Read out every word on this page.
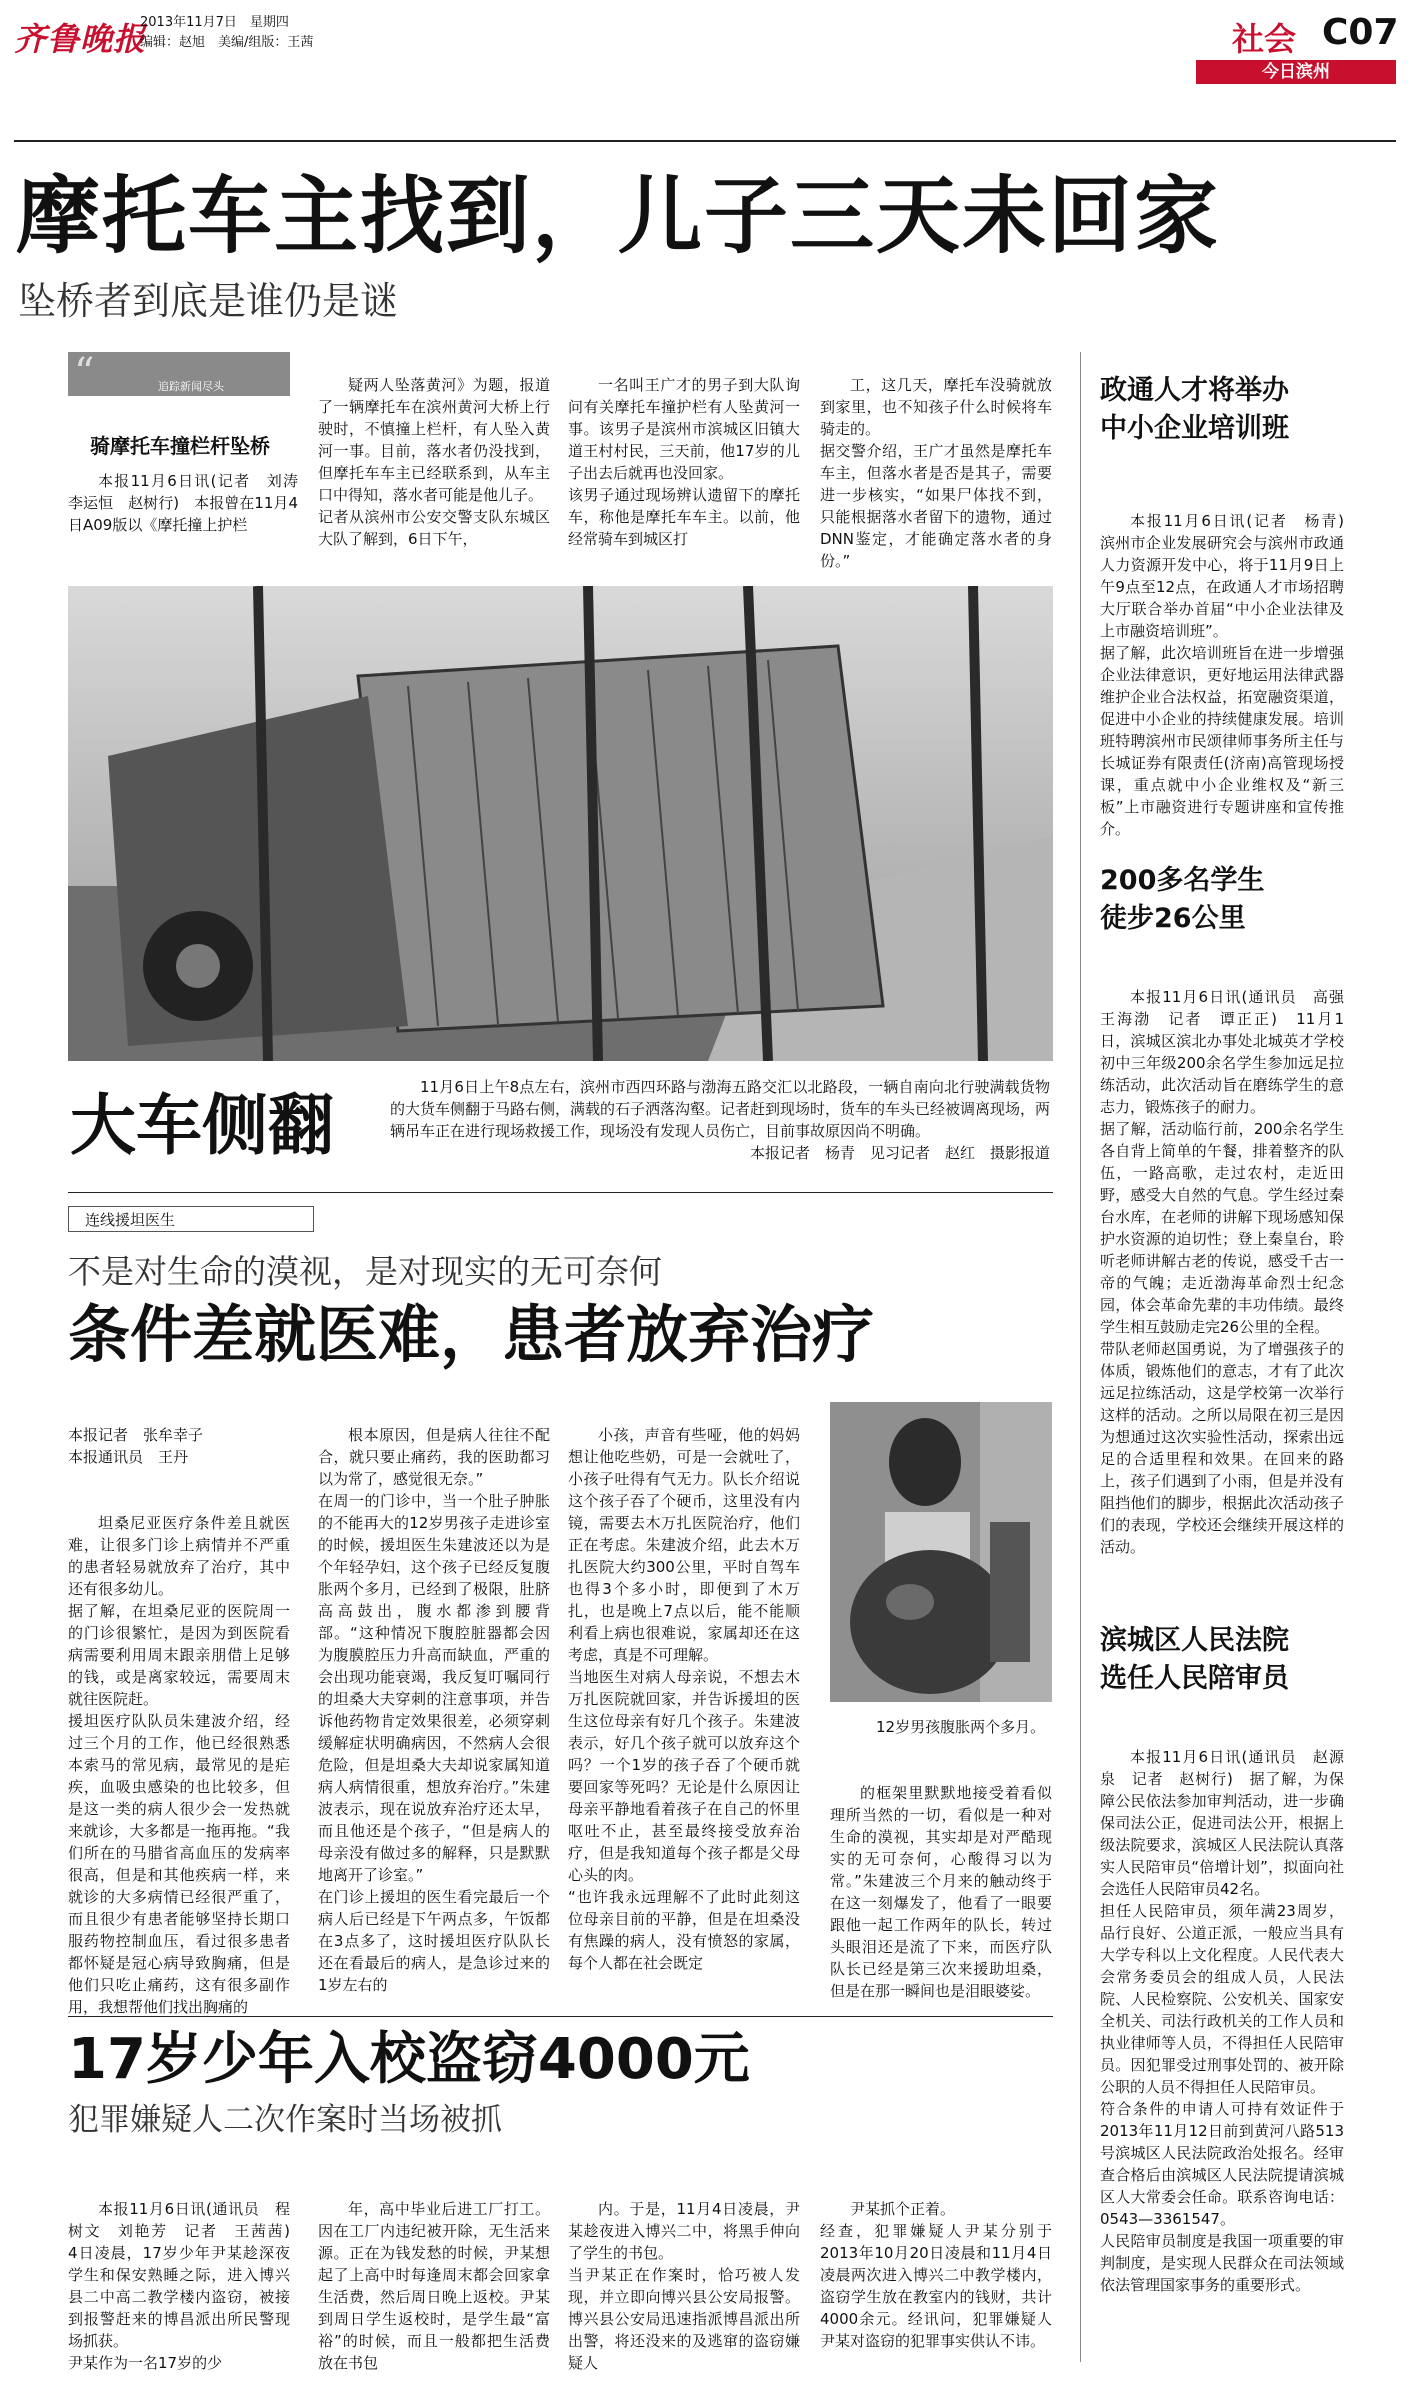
齐鲁晚报
2013年11月7日　星期四
编辑：赵旭　美编/组版：王茜	社会 C07
今日滨州
摩托车主找到，儿子三天未回家
坠桥者到底是谁仍是谜
“	追踪新闻尽头
骑摩托车撞栏杆坠桥

本报11月6日讯(记者　刘涛　李运恒　赵树行)　本报曾在11月4日A09版以《摩托撞上护栏

疑两人坠落黄河》为题，报道了一辆摩托车在滨州黄河大桥上行驶时，不慎撞上栏杆，有人坠入黄河一事。目前，落水者仍没找到，但摩托车车主已经联系到，从车主口中得知，落水者可能是他儿子。
记者从滨州市公安交警支队东城区大队了解到，6日下午，

一名叫王广才的男子到大队询问有关摩托车撞护栏有人坠黄河一事。该男子是滨州市滨城区旧镇大道王村村民，三天前，他17岁的儿子出去后就再也没回家。
该男子通过现场辨认遗留下的摩托车，称他是摩托车车主。以前，他经常骑车到城区打

工，这几天，摩托车没骑就放到家里，也不知孩子什么时候将车骑走的。
据交警介绍，王广才虽然是摩托车车主，但落水者是否是其子，需要进一步核实，“如果尸体找不到，只能根据落水者留下的遗物，通过DNN鉴定，才能确定落水者的身份。”

大车侧翻	11月6日上午8点左右，滨州市西四环路与渤海五路交汇以北路段，一辆自南向北行驶满载货物的大货车侧翻于马路右侧，满载的石子洒落沟壑。记者赶到现场时，货车的车头已经被调离现场，两辆吊车正在进行现场救援工作，现场没有发现人员伤亡，目前事故原因尚不明确。

本报记者　杨青　见习记者　赵红　摄影报道
连线援坦医生
不是对生命的漠视，是对现实的无可奈何
条件差就医难，患者放弃治疗

本报记者　张牟幸子
本报通讯员　王丹

坦桑尼亚医疗条件差且就医难，让很多门诊上病情并不严重的患者轻易就放弃了治疗，其中还有很多幼儿。
据了解，在坦桑尼亚的医院周一的门诊很繁忙，是因为到医院看病需要利用周末跟亲朋借上足够的钱，或是离家较远，需要周末就往医院赶。
援坦医疗队队员朱建波介绍，经过三个月的工作，他已经很熟悉本索马的常见病，最常见的是疟疾，血吸虫感染的也比较多，但是这一类的病人很少会一发热就来就诊，大多都是一拖再拖。“我们所在的马腊省高血压的发病率很高，但是和其他疾病一样，来就诊的大多病情已经很严重了，而且很少有患者能够坚持长期口服药物控制血压，看过很多患者都怀疑是冠心病导致胸痛，但是他们只吃止痛药，这有很多副作用，我想帮他们找出胸痛的

根本原因，但是病人往往不配合，就只要止痛药，我的医助都习以为常了，感觉很无奈。”
在周一的门诊中，当一个肚子肿胀的不能再大的12岁男孩子走进诊室的时候，援坦医生朱建波还以为是个年轻孕妇，这个孩子已经反复腹胀两个多月，已经到了极限，肚脐高高鼓出，腹水都渗到腰背部。“这种情况下腹腔脏器都会因为腹膜腔压力升高而缺血，严重的会出现功能衰竭，我反复叮嘱同行的坦桑大夫穿刺的注意事项，并告诉他药物肯定效果很差，必须穿刺缓解症状明确病因，不然病人会很危险，但是坦桑大夫却说家属知道病人病情很重，想放弃治疗。”朱建波表示，现在说放弃治疗还太早，而且他还是个孩子，“但是病人的母亲没有做过多的解释，只是默默地离开了诊室。”
在门诊上援坦的医生看完最后一个病人后已经是下午两点多，午饭都在3点多了，这时援坦医疗队队长还在看最后的病人，是急诊过来的1岁左右的

小孩，声音有些哑，他的妈妈想让他吃些奶，可是一会就吐了，小孩子吐得有气无力。队长介绍说这个孩子吞了个硬币，这里没有内镜，需要去木万扎医院治疗，他们正在考虑。朱建波介绍，此去木万扎医院大约300公里，平时自驾车也得3个多小时，即便到了木万扎，也是晚上7点以后，能不能顺利看上病也很难说，家属却还在这考虑，真是不可理解。
当地医生对病人母亲说，不想去木万扎医院就回家，并告诉援坦的医生这位母亲有好几个孩子。朱建波表示，好几个孩子就可以放弃这个吗？一个1岁的孩子吞了个硬币就要回家等死吗？无论是什么原因让母亲平静地看着孩子在自己的怀里呕吐不止，甚至最终接受放弃治疗，但是我知道每个孩子都是父母心头的肉。
“也许我永远理解不了此时此刻这位母亲目前的平静，但是在坦桑没有焦躁的病人，没有愤怒的家属，每个人都在社会既定

12岁男孩腹胀两个多月。

的框架里默默地接受着看似理所当然的一切，看似是一种对生命的漠视，其实却是对严酷现实的无可奈何，心酸得习以为常。”朱建波三个月来的触动终于在这一刻爆发了，他看了一眼要跟他一起工作两年的队长，转过头眼泪还是流了下来，而医疗队队长已经是第三次来援助坦桑，但是在那一瞬间也是泪眼婆娑。

17岁少年入校盗窃4000元
犯罪嫌疑人二次作案时当场被抓

本报11月6日讯(通讯员　程树文　刘艳芳　记者　王茜茜)　4日凌晨，17岁少年尹某趁深夜学生和保安熟睡之际，进入博兴县二中高二教学楼内盗窃，被接到报警赶来的博昌派出所民警现场抓获。
尹某作为一名17岁的少

年，高中毕业后进工厂打工。因在工厂内违纪被开除，无生活来源。正在为钱发愁的时候，尹某想起了上高中时每逢周末都会回家拿生活费，然后周日晚上返校。尹某到周日学生返校时，是学生最“富裕”的时候，而且一般都把生活费放在书包

内。于是，11月4日凌晨，尹某趁夜进入博兴二中，将黑手伸向了学生的书包。
当尹某正在作案时，恰巧被人发现，并立即向博兴县公安局报警。博兴县公安局迅速指派博昌派出所出警，将还没来的及逃窜的盗窃嫌疑人

尹某抓个正着。
经查，犯罪嫌疑人尹某分别于2013年10月20日凌晨和11月4日凌晨两次进入博兴二中教学楼内，盗窃学生放在教室内的钱财，共计4000余元。经讯问，犯罪嫌疑人尹某对盗窃的犯罪事实供认不讳。

政通人才将举办
中小企业培训班

本报11月6日讯(记者　杨青)　滨州市企业发展研究会与滨州市政通人力资源开发中心，将于11月9日上午9点至12点，在政通人才市场招聘大厅联合举办首届“中小企业法律及上市融资培训班”。
据了解，此次培训班旨在进一步增强企业法律意识，更好地运用法律武器维护企业合法权益，拓宽融资渠道，促进中小企业的持续健康发展。培训班特聘滨州市民颂律师事务所主任与长城证券有限责任(济南)高管现场授课，重点就中小企业维权及“新三板”上市融资进行专题讲座和宣传推介。

200多名学生
徒步26公里

本报11月6日讯(通讯员　高强　王海渤　记者　谭正正)　11月1日，滨城区滨北办事处北城英才学校初中三年级200余名学生参加远足拉练活动，此次活动旨在磨练学生的意志力，锻炼孩子的耐力。
据了解，活动临行前，200余名学生各自背上简单的午餐，排着整齐的队伍，一路高歌，走过农村，走近田野，感受大自然的气息。学生经过秦台水库，在老师的讲解下现场感知保护水资源的迫切性；登上秦皇台，聆听老师讲解古老的传说，感受千古一帝的气魄；走近渤海革命烈士纪念园，体会革命先辈的丰功伟绩。最终学生相互鼓励走完26公里的全程。
带队老师赵国勇说，为了增强孩子的体质，锻炼他们的意志，才有了此次远足拉练活动，这是学校第一次举行这样的活动。之所以局限在初三是因为想通过这次实验性活动，探索出远足的合适里程和效果。在回来的路上，孩子们遇到了小雨，但是并没有阻挡他们的脚步，根据此次活动孩子们的表现，学校还会继续开展这样的活动。

滨城区人民法院
选任人民陪审员

本报11月6日讯(通讯员　赵源泉　记者　赵树行)　据了解，为保障公民依法参加审判活动，进一步确保司法公正，促进司法公开，根据上级法院要求，滨城区人民法院认真落实人民陪审员“倍增计划”，拟面向社会选任人民陪审员42名。
担任人民陪审员，须年满23周岁，品行良好、公道正派，一般应当具有大学专科以上文化程度。人民代表大会常务委员会的组成人员，人民法院、人民检察院、公安机关、国家安全机关、司法行政机关的工作人员和执业律师等人员，不得担任人民陪审员。因犯罪受过刑事处罚的、被开除公职的人员不得担任人民陪审员。
符合条件的申请人可持有效证件于2013年11月12日前到黄河八路513号滨城区人民法院政治处报名。经审查合格后由滨城区人民法院提请滨城区人大常委会任命。联系咨询电话：0543—3361547。
人民陪审员制度是我国一项重要的审判制度，是实现人民群众在司法领域依法管理国家事务的重要形式。
